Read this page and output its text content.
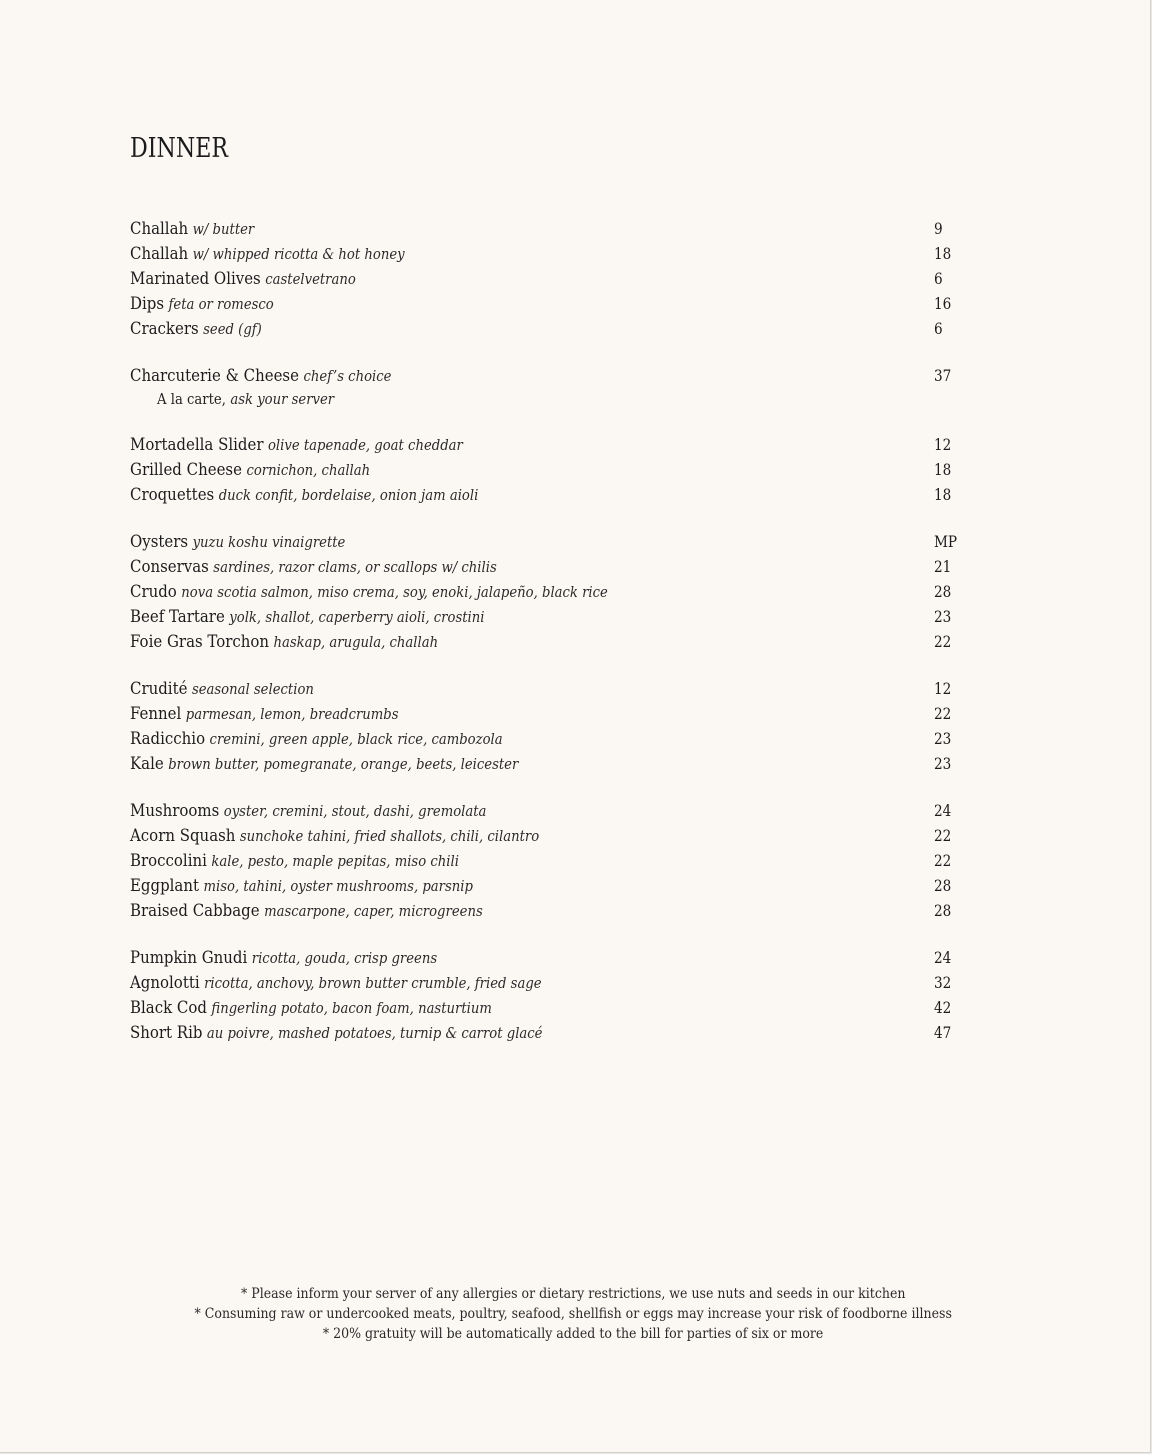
DINNER
Challah w/ butter	9
Challah w/ whipped ricotta & hot honey	18
Marinated Olives castelvetrano	6
Dips feta or romesco	16
Crackers seed (gf)	6
Charcuterie & Cheese chef’s choice	37
A la carte, ask your server
Mortadella Slider olive tapenade, goat cheddar	12
Grilled Cheese cornichon, challah	18
Croquettes duck confit, bordelaise, onion jam aioli	18
Oysters yuzu koshu vinaigrette	MP
Conservas sardines, razor clams, or scallops w/ chilis	21
Crudo nova scotia salmon, miso crema, soy, enoki, jalapeño, black rice	28
Beef Tartare yolk, shallot, caperberry aioli, crostini	23
Foie Gras Torchon haskap, arugula, challah	22
Crudité seasonal selection	12
Fennel parmesan, lemon, breadcrumbs	22
Radicchio cremini, green apple, black rice, cambozola	23
Kale brown butter, pomegranate, orange, beets, leicester	23
Mushrooms oyster, cremini, stout, dashi, gremolata	24
Acorn Squash sunchoke tahini, fried shallots, chili, cilantro	22
Broccolini kale, pesto, maple pepitas, miso chili	22
Eggplant miso, tahini, oyster mushrooms, parsnip	28
Braised Cabbage mascarpone, caper, microgreens	28
Pumpkin Gnudi ricotta, gouda, crisp greens	24
Agnolotti ricotta, anchovy, brown butter crumble, fried sage	32
Black Cod fingerling potato, bacon foam, nasturtium	42
Short Rib au poivre, mashed potatoes, turnip & carrot glacé	47
* Please inform your server of any allergies or dietary restrictions, we use nuts and seeds in our kitchen
* Consuming raw or undercooked meats, poultry, seafood, shellfish or eggs may increase your risk of foodborne illness
* 20% gratuity will be automatically added to the bill for parties of six or more
